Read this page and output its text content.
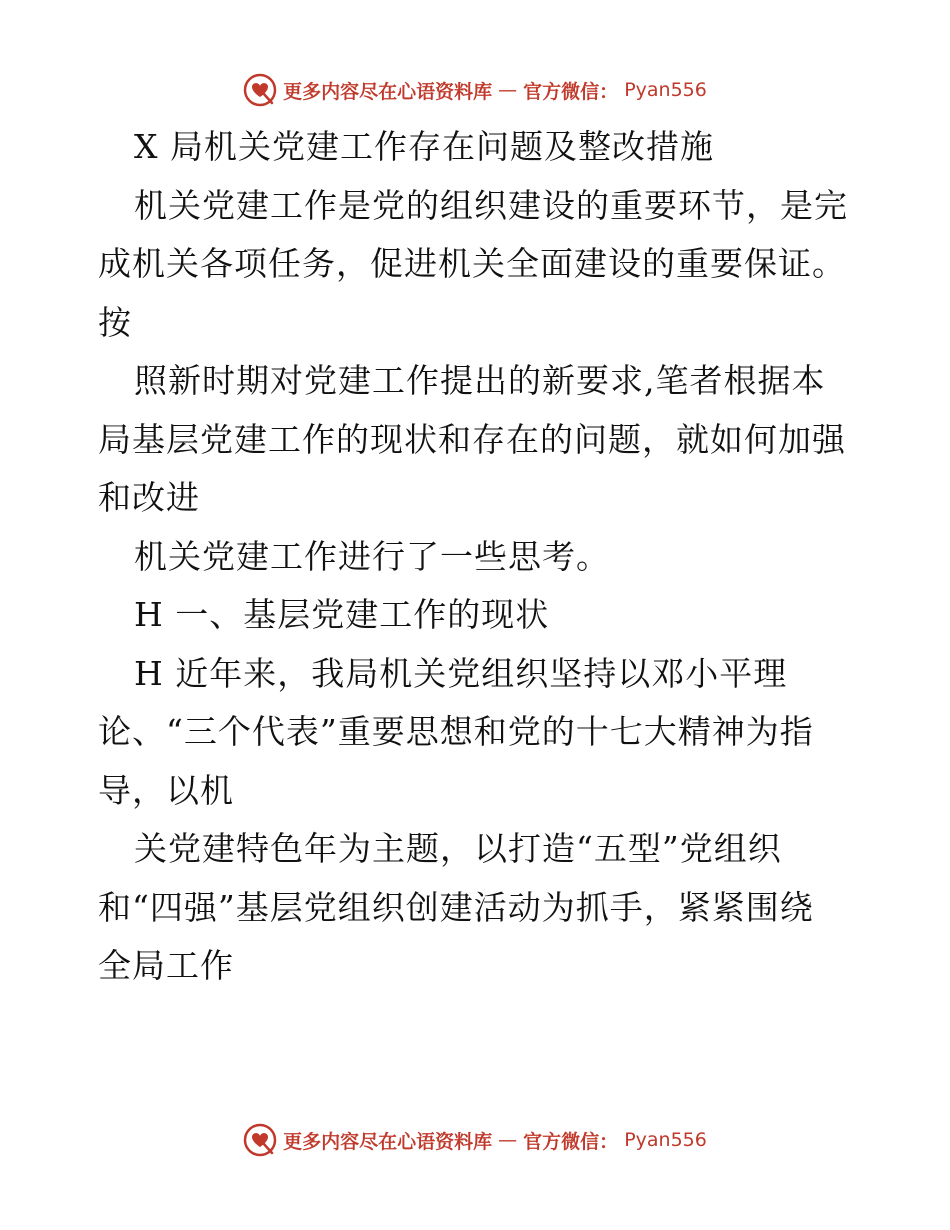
更多内容尽在心语资料库 — 官方微信： Pyan556

X 局机关党建工作存在问题及整改措施

机关党建工作是党的组织建设的重要环节，是完

成机关各项任务，促进机关全面建设的重要保证。

按

照新时期对党建工作提出的新要求,笔者根据本

局基层党建工作的现状和存在的问题，就如何加强

和改进

机关党建工作进行了一些思考。

H 一、基层党建工作的现状

H 近年来，我局机关党组织坚持以邓小平理

论、“三个代表”重要思想和党的十七大精神为指

导，以机

关党建特色年为主题，以打造“五型”党组织

和“四强”基层党组织创建活动为抓手，紧紧围绕

全局工作

更多内容尽在心语资料库 — 官方微信： Pyan556
